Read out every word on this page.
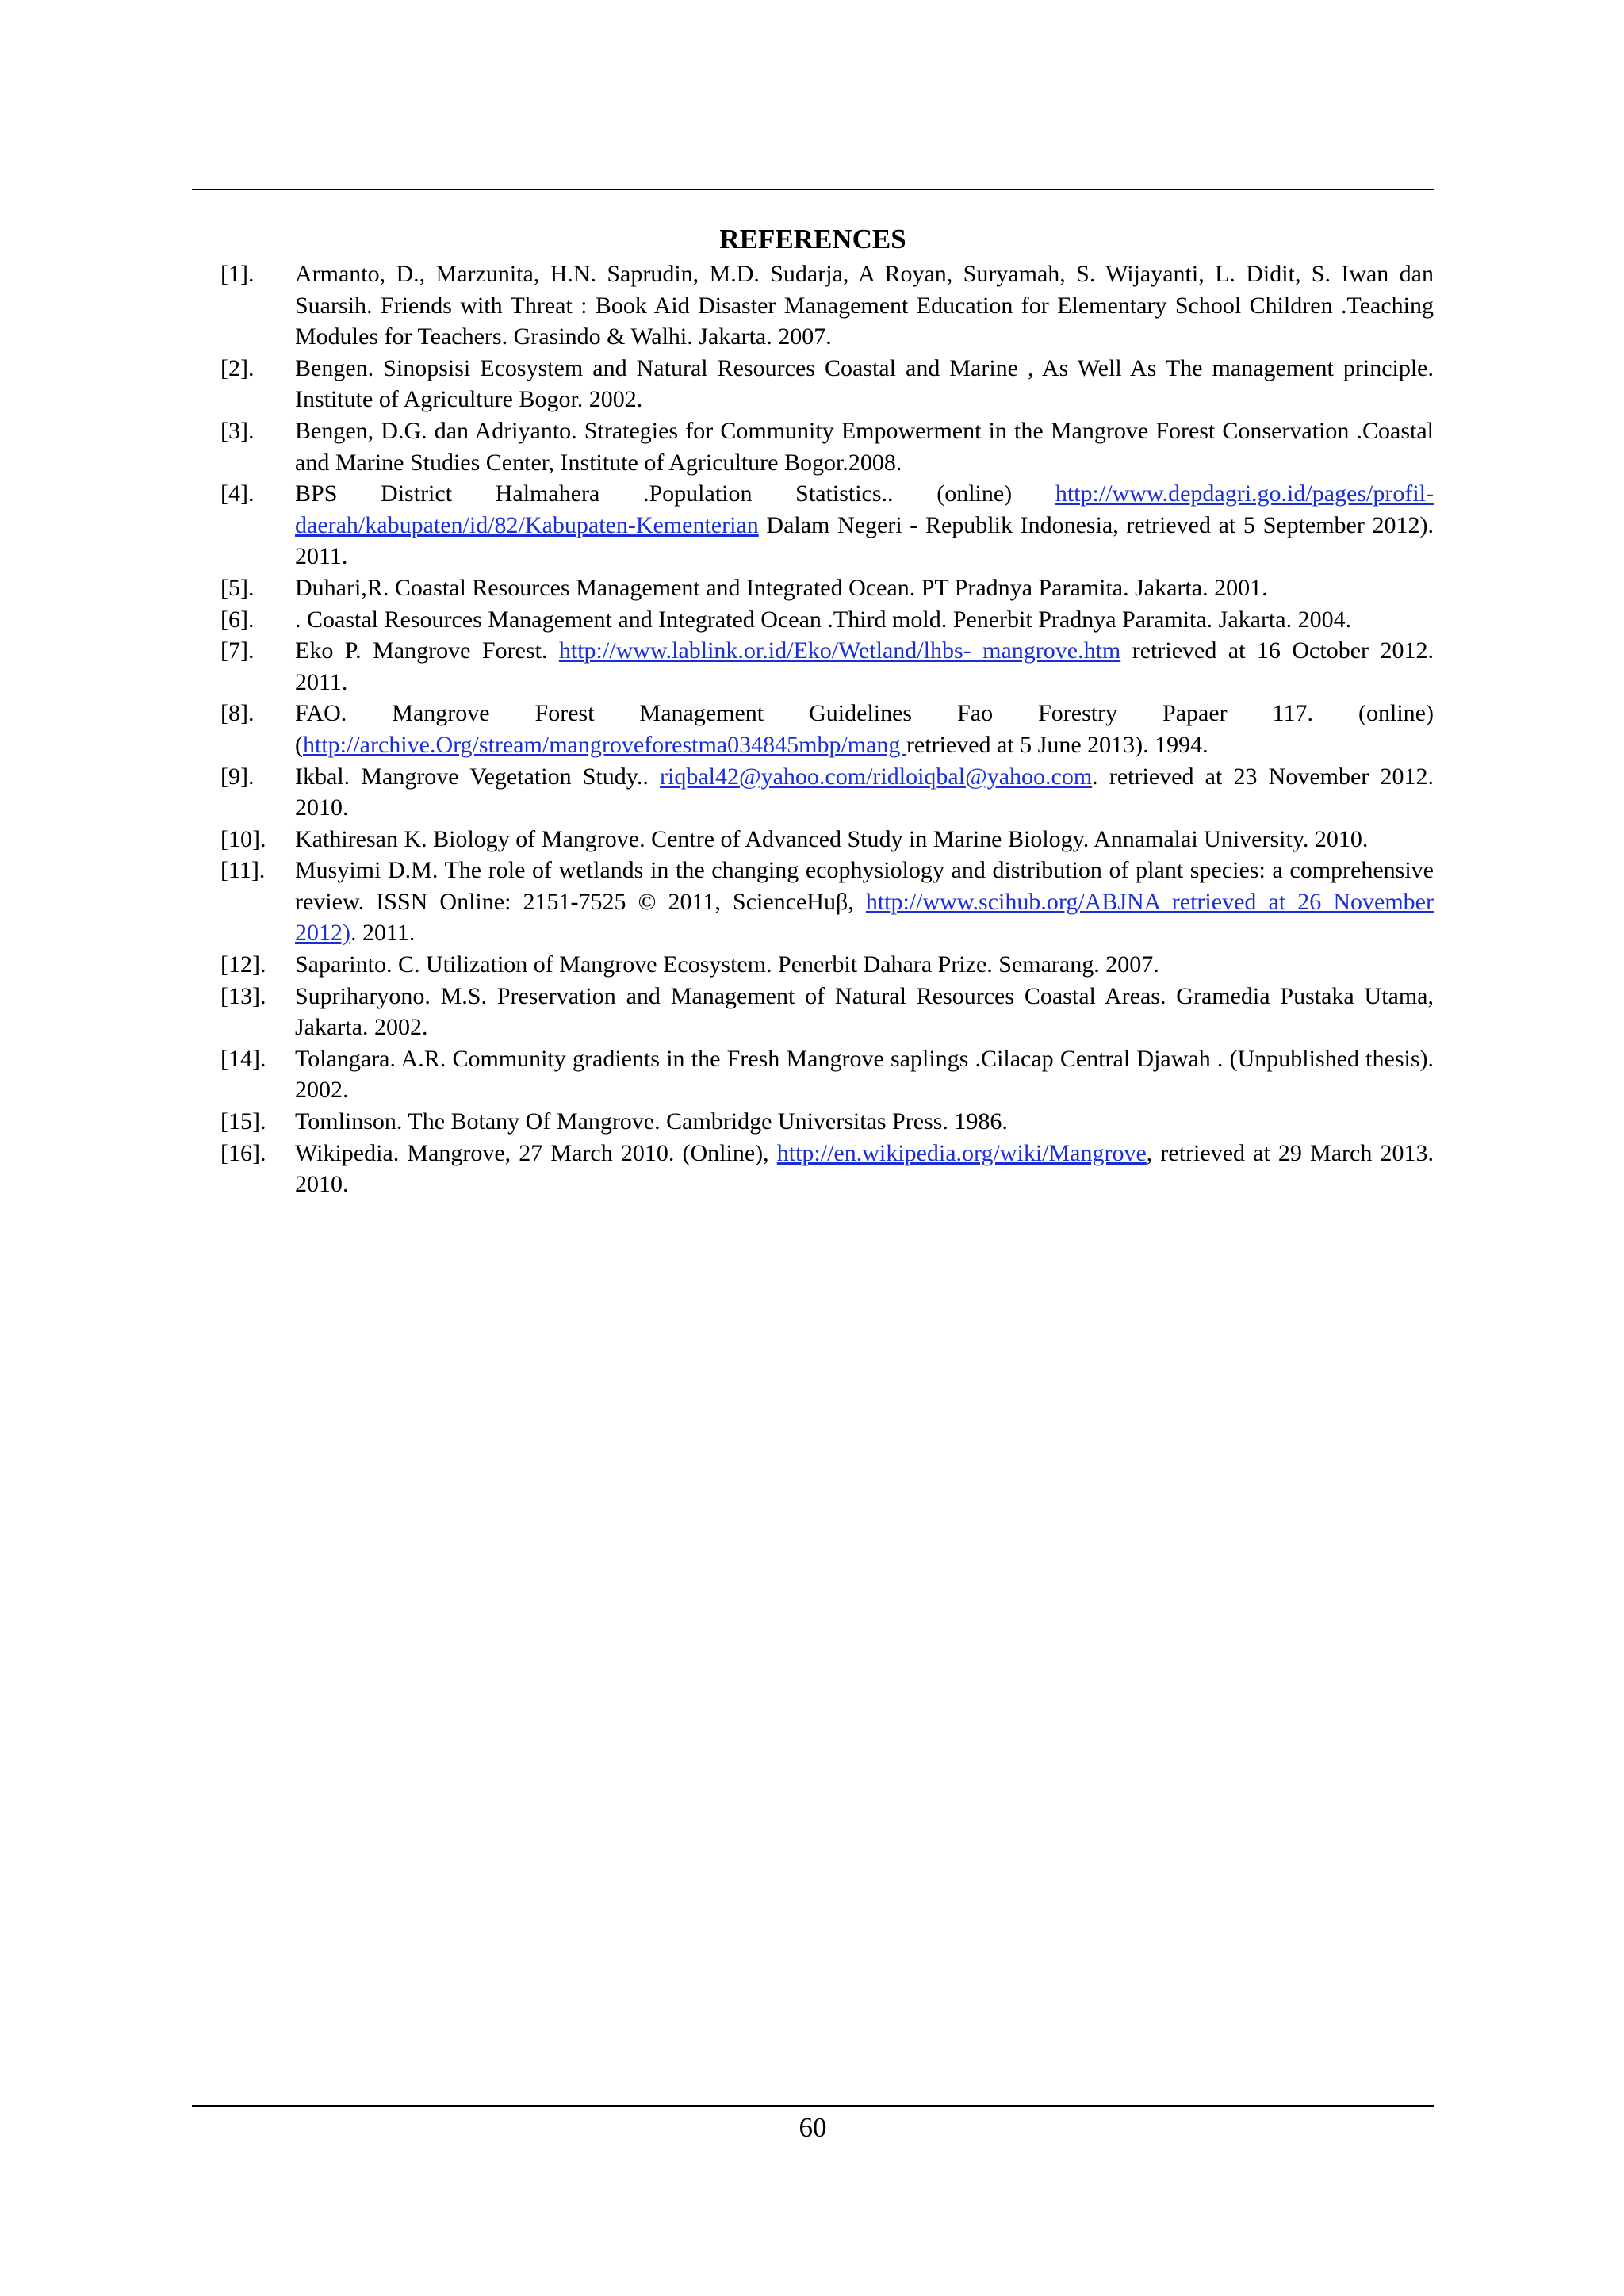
REFERENCES
[1]. Armanto, D., Marzunita, H.N. Saprudin, M.D. Sudarja, A Royan, Suryamah, S. Wijayanti, L. Didit, S. Iwan dan Suarsih. Friends with Threat : Book Aid Disaster Management Education for Elementary School Children .Teaching Modules for Teachers. Grasindo & Walhi. Jakarta. 2007.
[2]. Bengen. Sinopsisi Ecosystem and Natural Resources Coastal and Marine , As Well As The management principle. Institute of Agriculture Bogor. 2002.
[3]. Bengen, D.G. dan Adriyanto. Strategies for Community Empowerment in the Mangrove Forest Conservation .Coastal and Marine Studies Center, Institute of Agriculture Bogor.2008.
[4]. BPS District Halmahera .Population Statistics.. (online) http://www.depdagri.go.id/pages/profil-daerah/kabupaten/id/82/Kabupaten-Kementerian Dalam Negeri - Republik Indonesia, retrieved at 5 September 2012). 2011.
[5]. Duhari,R. Coastal Resources Management and Integrated Ocean. PT Pradnya Paramita. Jakarta. 2001.
[6]. . Coastal Resources Management and Integrated Ocean .Third mold. Penerbit Pradnya Paramita. Jakarta. 2004.
[7]. Eko P. Mangrove Forest. http://www.lablink.or.id/Eko/Wetland/lhbs- mangrove.htm retrieved at 16 October 2012. 2011.
[8]. FAO. Mangrove Forest Management Guidelines Fao Forestry Papaer 117. (online) (http://archive.Org/stream/mangroveforestma034845mbp/mang retrieved at 5 June 2013). 1994.
[9]. Ikbal. Mangrove Vegetation Study.. riqbal42@yahoo.com/ridloiqbal@yahoo.com. retrieved at 23 November 2012. 2010.
[10]. Kathiresan K. Biology of Mangrove. Centre of Advanced Study in Marine Biology. Annamalai University. 2010.
[11]. Musyimi D.M. The role of wetlands in the changing ecophysiology and distribution of plant species: a comprehensive review. ISSN Online: 2151-7525 © 2011, ScienceHuβ, http://www.scihub.org/ABJNA retrieved at 26 November 2012). 2011.
[12]. Saparinto. C. Utilization of Mangrove Ecosystem. Penerbit Dahara Prize. Semarang. 2007.
[13]. Supriharyono. M.S. Preservation and Management of Natural Resources Coastal Areas. Gramedia Pustaka Utama, Jakarta. 2002.
[14]. Tolangara. A.R. Community gradients in the Fresh Mangrove saplings .Cilacap Central Djawah . (Unpublished thesis). 2002.
[15]. Tomlinson. The Botany Of Mangrove. Cambridge Universitas Press. 1986.
[16]. Wikipedia. Mangrove, 27 March 2010. (Online), http://en.wikipedia.org/wiki/Mangrove, retrieved at 29 March 2013. 2010.
60
